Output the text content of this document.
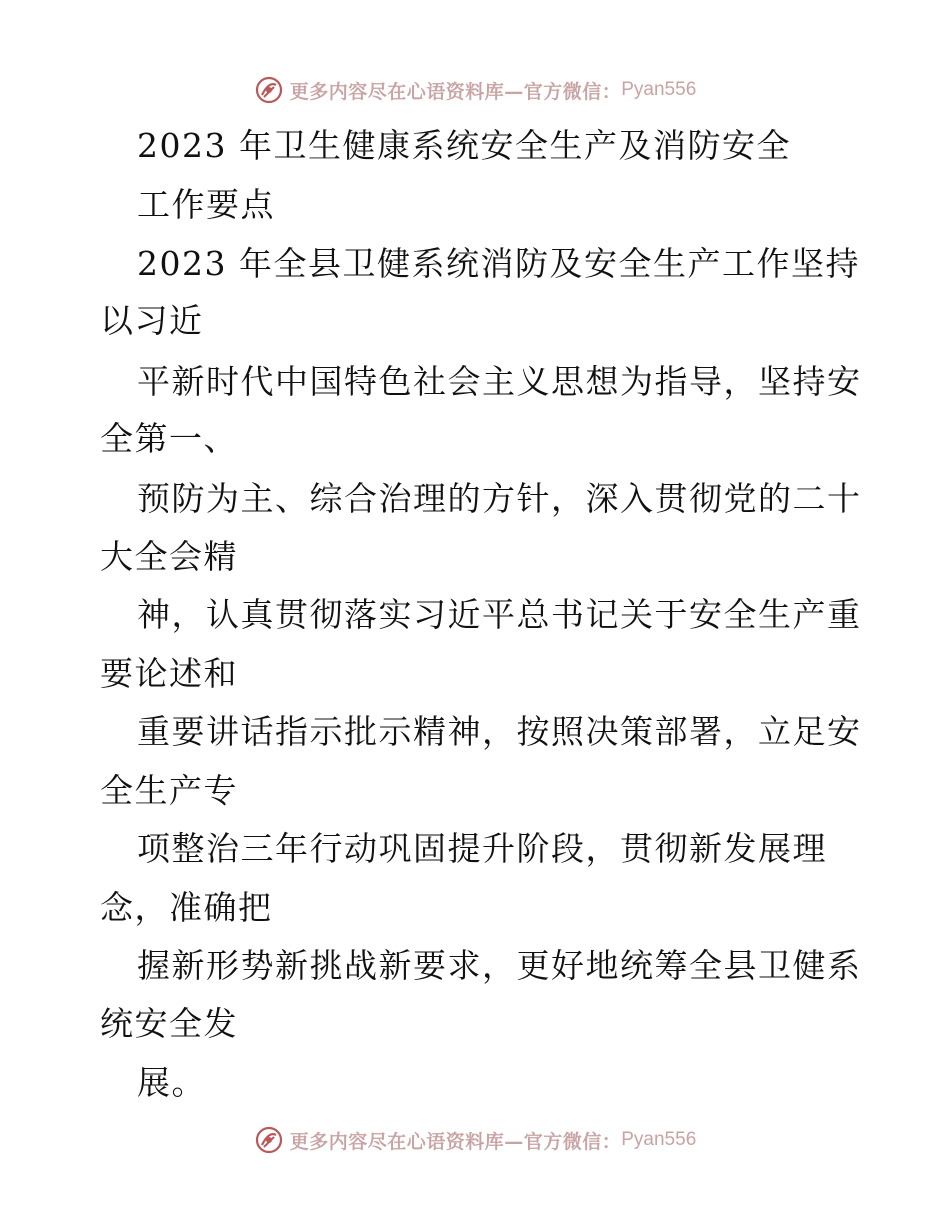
更多内容尽在心语资料库—官方微信： Pyan556
2023 年卫生健康系统安全生产及消防安全
工作要点
2023 年全县卫健系统消防及安全生产工作坚持
以习近
平新时代中国特色社会主义思想为指导，坚持安
全第一、
预防为主、综合治理的方针，深入贯彻党的二十
大全会精
神，认真贯彻落实习近平总书记关于安全生产重
要论述和
重要讲话指示批示精神，按照决策部署，立足安
全生产专
项整治三年行动巩固提升阶段，贯彻新发展理
念，准确把
握新形势新挑战新要求，更好地统筹全县卫健系
统安全发
展。
更多内容尽在心语资料库—官方微信： Pyan556
